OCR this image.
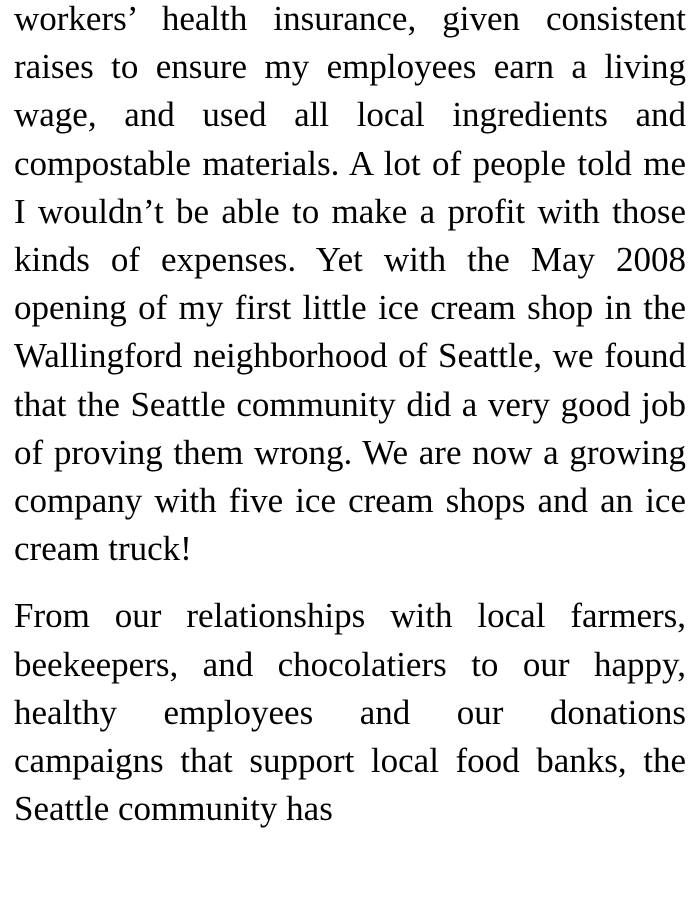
workers’ health insurance, given consistent raises to ensure my employees earn a living wage, and used all local ingredients and compostable materials. A lot of people told me I wouldn’t be able to make a profit with those kinds of expenses. Yet with the May 2008 opening of my first little ice cream shop in the Wallingford neighborhood of Seattle, we found that the Seattle community did a very good job of proving them wrong. We are now a growing company with five ice cream shops and an ice cream truck!

From our relationships with local farmers, beekeepers, and chocolatiers to our happy, healthy employees and our donations campaigns that support local food banks, the Seattle community has
